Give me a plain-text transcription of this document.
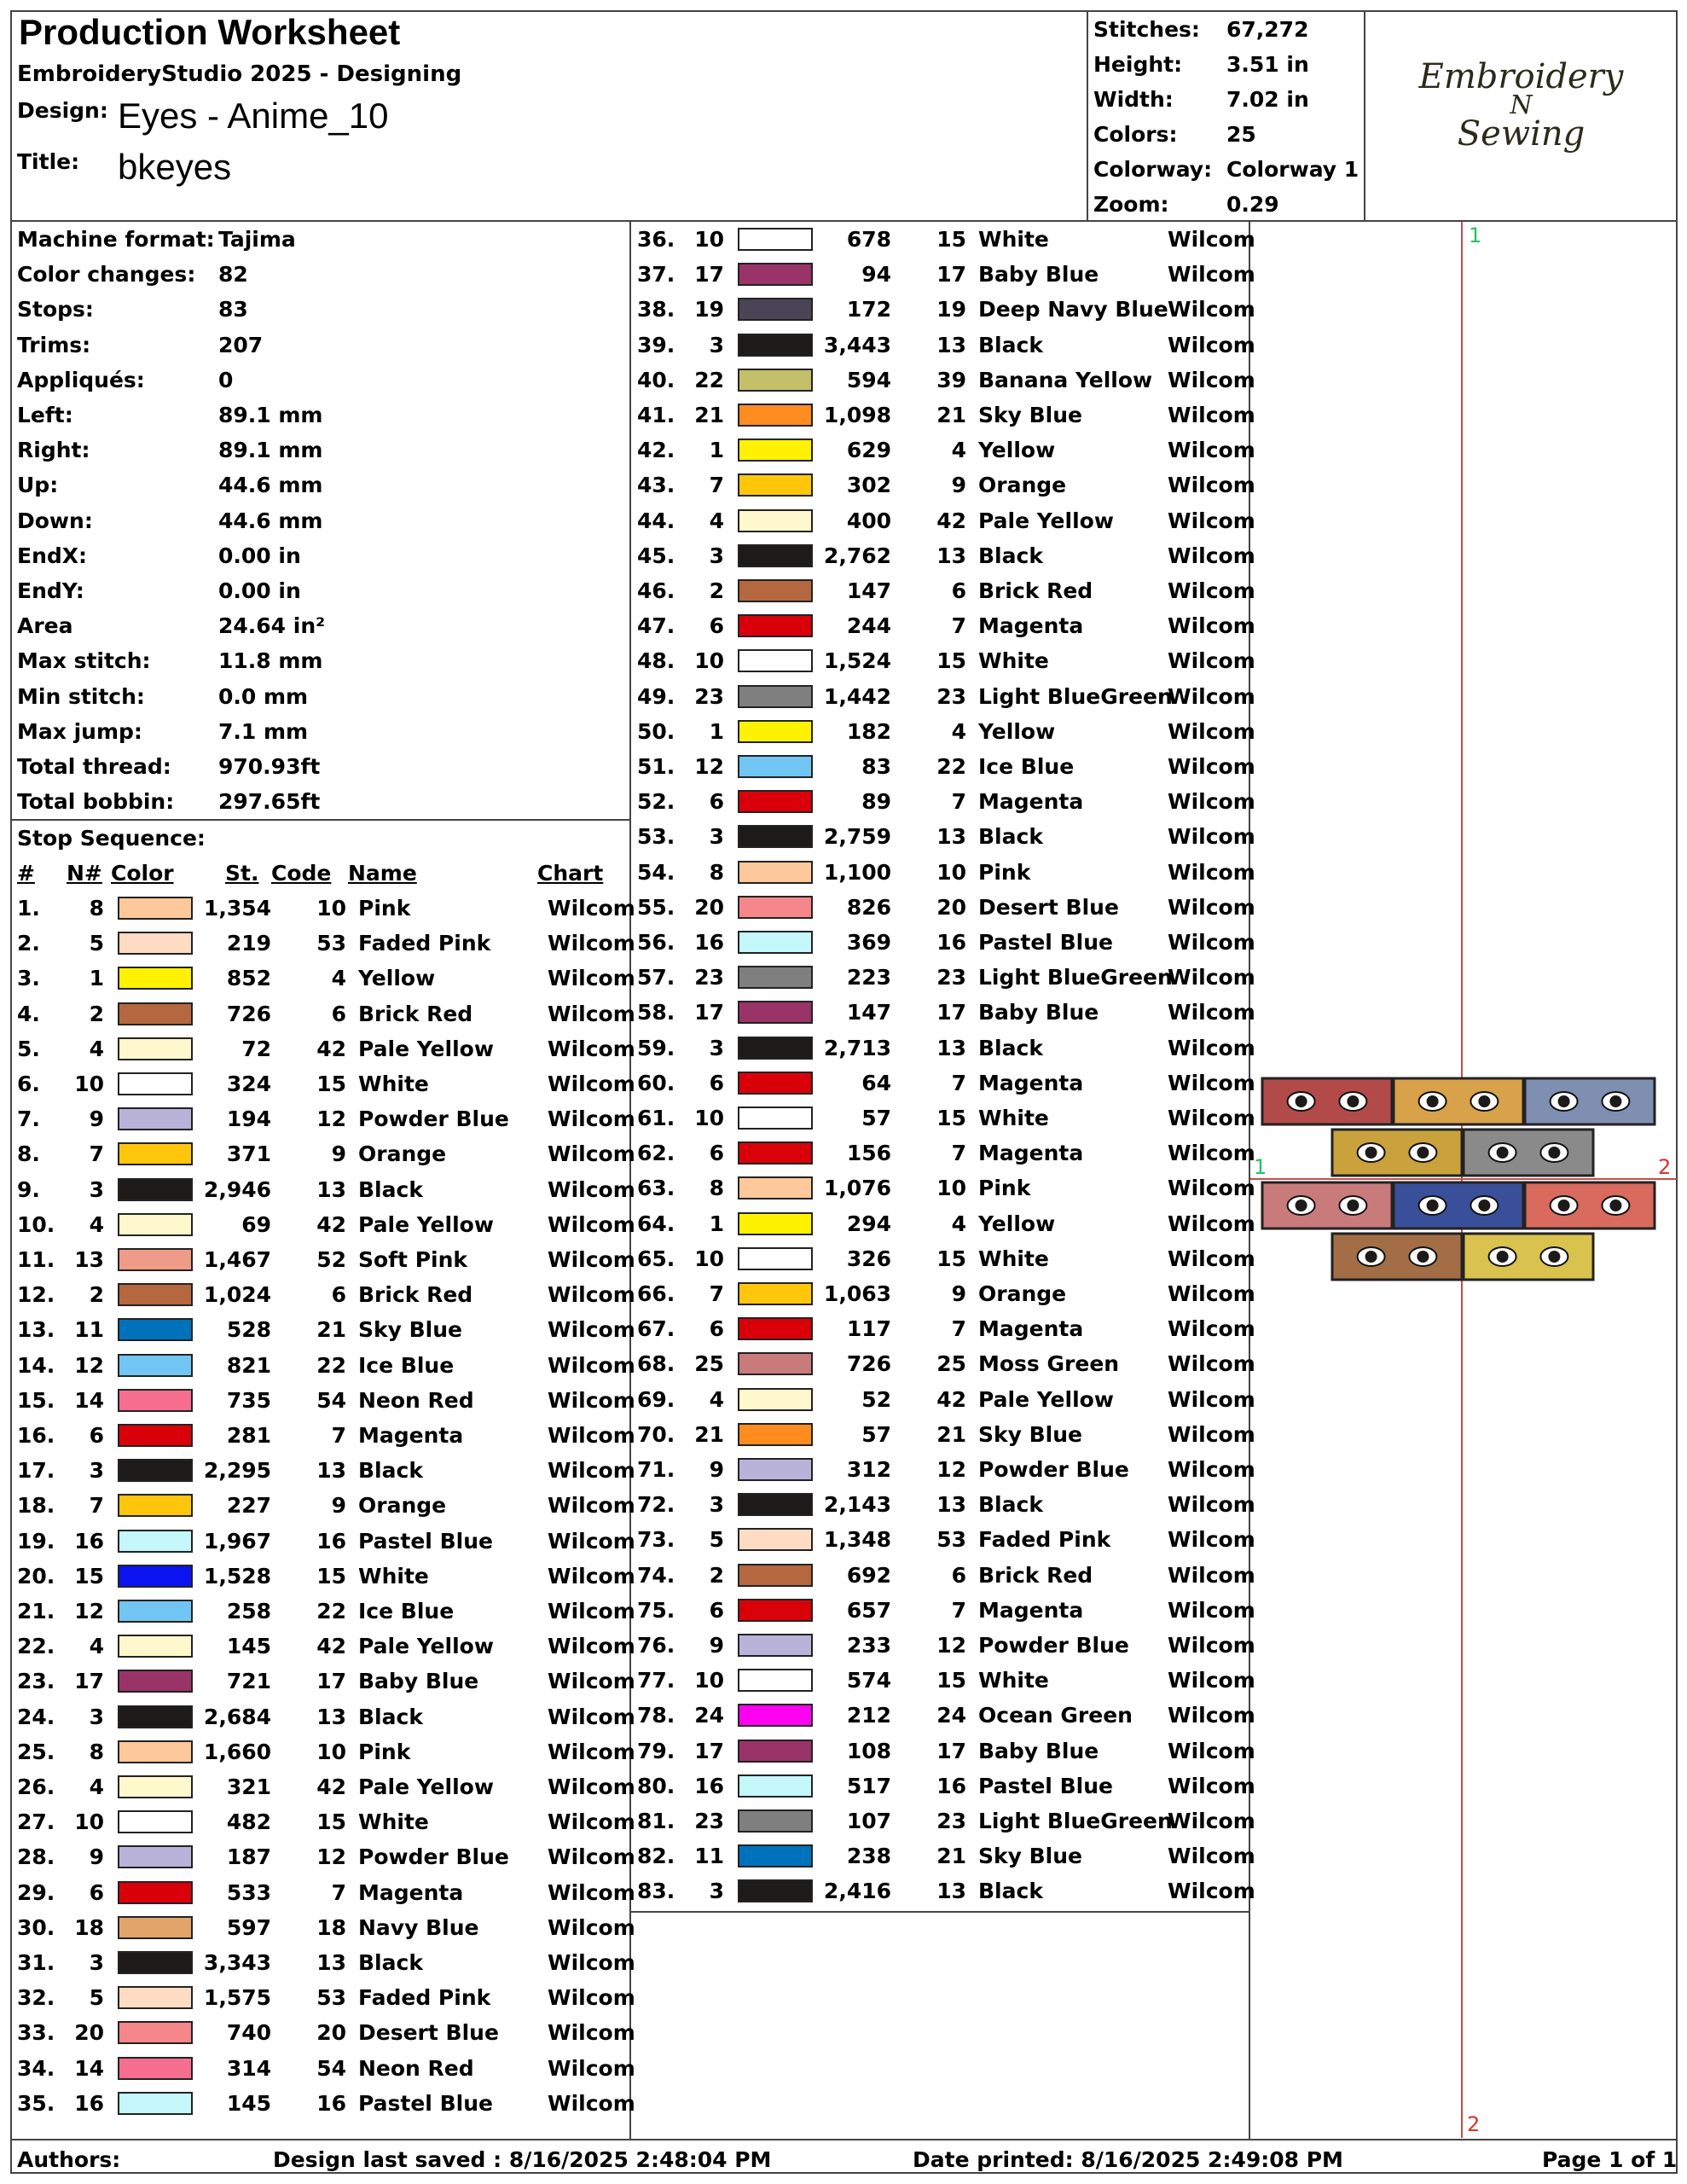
Production Worksheet
EmbroideryStudio 2025 - Designing
Design: Eyes - Anime_10
Title: bkeyes
Stitches: 67,272
Height: 3.51 in
Width: 7.02 in
Colors: 25
Colorway: Colorway 1
Zoom:	0.29
Embroidery
N
Sewing
Machine format: Tajima
Color changes: 82
Stops:	83
Trims:	207
Appliqués:	0
Left:	89.1 mm
Right:	89.1 mm
Up:	44.6 mm
Down:	44.6 mm
EndX:	0.00 in
EndY:	0.00 in
Area	24.64 in²
Max stitch:	11.8 mm
Min stitch:	0.0 mm
Max jump:	7.1 mm
Total thread: 970.93ft
Total bobbin: 297.65ft
Stop Sequence:
# N# Color St. Code Name	Chart
1.	8	1,354	10 Pink	Wilcom
2.	5	219	53 Faded Pink	Wilcom
3.	1	852	4 Yellow	Wilcom
4.	2	726	6 Brick Red	Wilcom
5.	4	72	42 Pale Yellow	Wilcom
6.	10	324	15 White	Wilcom
7.	9	194	12 Powder Blue Wilcom
8.	7	371	9 Orange	Wilcom
9.	3	2,946	13 Black	Wilcom
10.	4	69	42 Pale Yellow	Wilcom
11. 13	1,467	52 Soft Pink	Wilcom
12.	2	1,024	6 Brick Red	Wilcom
13. 11	528	21 Sky Blue	Wilcom
14. 12	821	22 Ice Blue	Wilcom
15. 14	735	54 Neon Red	Wilcom
16.	6	281	7 Magenta	Wilcom
17.	3	2,295	13 Black	Wilcom
18.	7	227	9 Orange	Wilcom
19. 16	1,967	16 Pastel Blue	Wilcom
20. 15	1,528	15 White	Wilcom
21. 12	258	22 Ice Blue	Wilcom
22.	4	145	42 Pale Yellow	Wilcom
23. 17	721	17 Baby Blue	Wilcom
24.	3	2,684	13 Black	Wilcom
25.	8	1,660	10 Pink	Wilcom
26.	4	321	42 Pale Yellow	Wilcom
27. 10	482	15 White	Wilcom
28.	9	187	12 Powder Blue Wilcom
29.	6	533	7 Magenta	Wilcom
30. 18	597	18 Navy Blue	Wilcom
31.	3	3,343	13 Black	Wilcom
32.	5	1,575	53 Faded Pink	Wilcom
33. 20	740	20 Desert Blue Wilcom
34. 14	314	54 Neon Red	Wilcom
35. 16	145	16 Pastel Blue	Wilcom
36. 10	678	15 White	Wilcom
37. 17	94	17 Baby Blue	Wilcom
38. 19	172	19 Deep Navy Blue Wilcom
39.	3	3,443	13 Black	Wilcom
40. 22	594	39 Banana Yellow Wilcom
41. 21	1,098	21 Sky Blue	Wilcom
42.	1	629	4 Yellow	Wilcom
43.	7	302	9 Orange	Wilcom
44.	4	400	42 Pale Yellow	Wilcom
45.	3	2,762	13 Black	Wilcom
46.	2	147	6 Brick Red	Wilcom
47.	6	244	7 Magenta	Wilcom
48. 10	1,524	15 White	Wilcom
49. 23	1,442	23 Light BlueGreen
Wilcom
50.	1	182	4 Yellow	Wilcom
51. 12	83	22 Ice Blue	Wilcom
52.	6	89	7 Magenta	Wilcom
53.	3	2,759	13 Black	Wilcom
54.	8	1,100	10 Pink	Wilcom
55. 20	826	20 Desert Blue Wilcom
56. 16	369	16 Pastel Blue	Wilcom
57. 23	223	23 Light BlueGreen
Wilcom
58. 17	147	17 Baby Blue	Wilcom
59.	3	2,713	13 Black	Wilcom
60.	6	64	7 Magenta	Wilcom
61. 10	57	15 White	Wilcom
62.	6	156	7 Magenta	Wilcom
63.	8	1,076	10 Pink	Wilcom
64.	1	294	4 Yellow	Wilcom
65. 10	326	15 White	Wilcom
66.	7	1,063	9 Orange	Wilcom
67.	6	117	7 Magenta	Wilcom
68. 25	726	25 Moss Green Wilcom
69.	4	52	42 Pale Yellow	Wilcom
70. 21	57	21 Sky Blue	Wilcom
71.	9	312	12 Powder Blue Wilcom
72.	3	2,143	13 Black	Wilcom
73.	5	1,348	53 Faded Pink	Wilcom
74.	2	692	6 Brick Red	Wilcom
75.	6	657	7 Magenta	Wilcom
76.	9	233	12 Powder Blue Wilcom
77. 10	574	15 White	Wilcom
78. 24	212	24 Ocean Green Wilcom
79. 17	108	17 Baby Blue	Wilcom
80. 16	517	16 Pastel Blue	Wilcom
81. 23	107	23 Light BlueGreen
Wilcom
82. 11	238	21 Sky Blue	Wilcom
83.	3	2,416	13 Black	Wilcom
1
1	2
2
Authors:	Design last saved : 8/16/2025 2:48:04 PM	Date printed: 8/16/2025 2:49:08 PM	Page 1 of 1
